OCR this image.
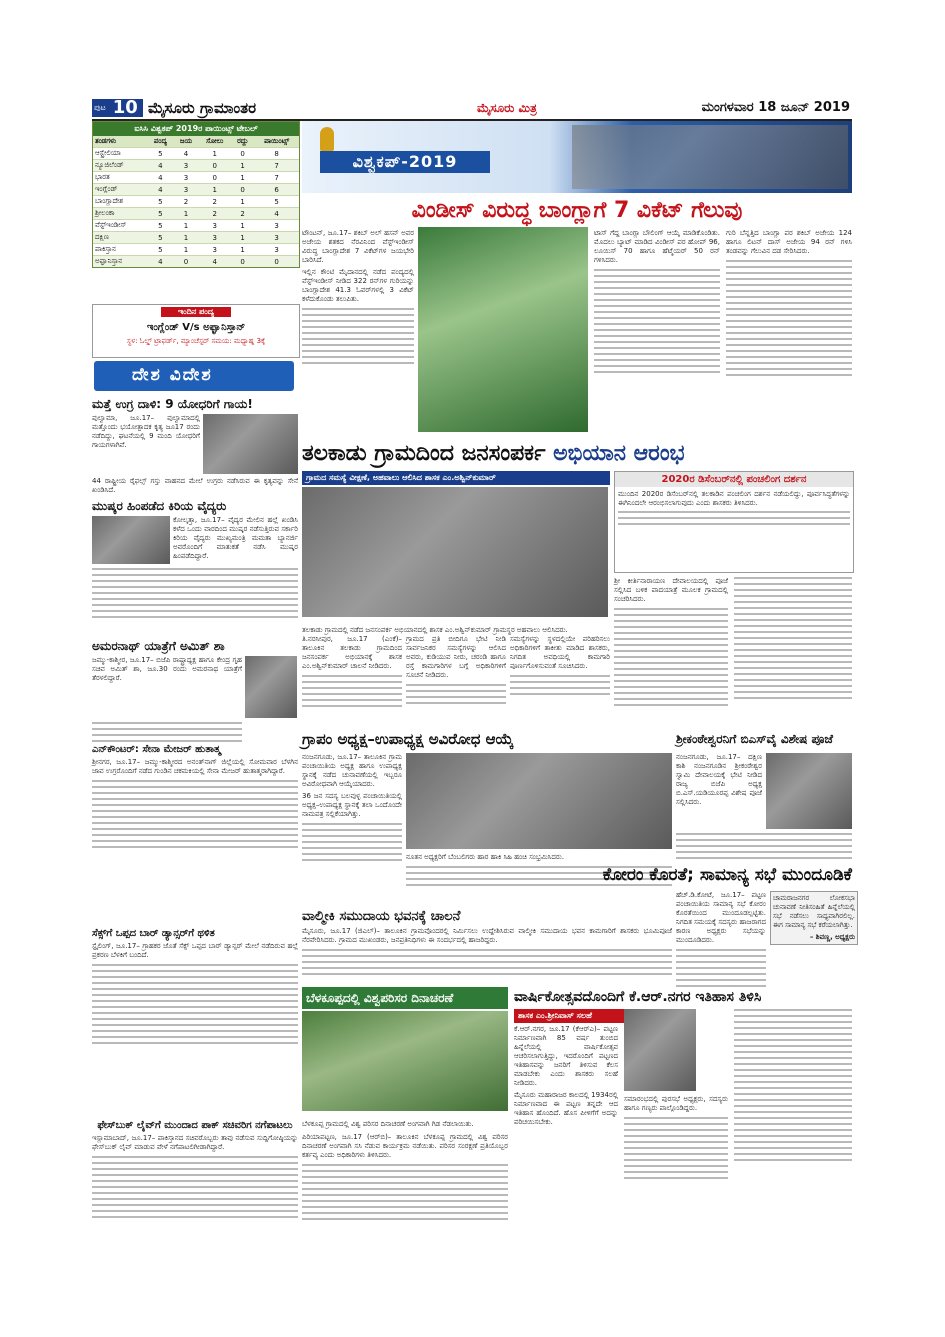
ಪುಟ 10 ಮೈಸೂರು ಗ್ರಾಮಾಂತರ	ಮೈಸೂರು ಮಿತ್ರ	ಮಂಗಳವಾರ 18 ಜೂನ್ 2019
ಐಸಿಸಿ ವಿಶ್ವಕಪ್ 2019ರ ಪಾಯಿಂಟ್ಸ್ ಟೇಬಲ್
ತಂಡಗಳು	ಪಂದ್ಯ	ಜಯ	ಸೋಲು	ರದ್ದು	ಪಾಯಿಂಟ್ಸ್
ಆಸ್ಟ್ರೇಲಿಯಾ	5	4	1	0	8
ನ್ಯೂಜಿಲೆಂಡ್	4	3	0	1	7
ಭಾರತ	4	3	0	1	7
ಇಂಗ್ಲೆಂಡ್	4	3	1	0	6
ಬಾಂಗ್ಲಾದೇಶ	5	2	2	1	5
ಶ್ರೀಲಂಕಾ	5	1	2	2	4
ವೆಸ್ಟ್‌ಇಂಡೀಸ್	5	1	3	1	3
ದಕ್ಷಿಣ	5	1	3	1	3
ಪಾಕಿಸ್ತಾನ	5	1	3	1	3
ಅಫ್ಘಾನಿಸ್ತಾನ	4	0	4	0	0
ಇಂದಿನ ಪಂದ್ಯ
ಇಂಗ್ಲೆಂಡ್ V/s ಅಫ್ಘಾನಿಸ್ತಾನ್
ಸ್ಥಳ: ಓಲ್ಡ್ ಟ್ರಾಫರ್ಡ್, ಮ್ಯಾಂಚೆಸ್ಟರ್ ಸಮಯ: ಮಧ್ಯಾಹ್ನ 3ಕ್ಕೆ
ದೇಶ ವಿದೇಶ

ಮತ್ತೆ ಉಗ್ರ ದಾಳಿ: 9 ಯೋಧರಿಗೆ ಗಾಯ!

ಪುಲ್ವಾಮಾ, ಜೂ.17– ಪುಲ್ವಾಮಾದಲ್ಲಿ ಮತ್ತೊಂದು ಭಯೋತ್ಪಾದಕ ಕೃತ್ಯ ಜೂ17 ರಂದು ನಡೆದಿದ್ದು, ಘಟನೆಯಲ್ಲಿ 9 ಮಂದಿ ಯೋಧರಿಗೆ ಗಾಯಗಳಾಗಿವೆ.

44 ರಾಷ್ಟ್ರೀಯ ರೈಫಲ್ಸ್ ಗಸ್ತು ವಾಹನದ ಮೇಲೆ ಉಗ್ರರು ನಡೆಸಿರುವ ಈ ಕೃತ್ಯವನ್ನು ಸೇನೆ ಖಂಡಿಸಿದೆ.

ಮುಷ್ಕರ ಹಿಂಪಡೆದ ಕಿರಿಯ ವೈದ್ಯರು

ಕೋಲ್ಕತ್ತಾ, ಜೂ.17– ವೈದ್ಯರ ಮೇಲಿನ ಹಲ್ಲೆ ಖಂಡಿಸಿ ಕಳೆದ ಒಂದು ವಾರದಿಂದ ಮುಷ್ಕರ ನಡೆಸುತ್ತಿರುವ ಸರ್ಕಾರಿ ಕಿರಿಯ ವೈದ್ಯರು ಮುಖ್ಯಮಂತ್ರಿ ಮಮತಾ ಬ್ಯಾನರ್ಜಿ ಅವರೊಂದಿಗೆ ಮಾತುಕತೆ ನಡೆಸಿ ಮುಷ್ಕರ ಹಿಂಪಡೆದಿದ್ದಾರೆ.

ಅಮರನಾಥ್ ಯಾತ್ರೆಗೆ ಅಮಿತ್ ಶಾ

ಜಮ್ಮು-ಕಾಶ್ಮೀರ, ಜೂ.17– ಬಿಜೆಪಿ ರಾಷ್ಟ್ರಾಧ್ಯಕ್ಷ ಹಾಗೂ ಕೇಂದ್ರ ಗೃಹ ಸಚಿವ ಅಮಿತ್ ಶಾ, ಜೂ.30 ರಂದು ಅಮರನಾಥ ಯಾತ್ರೆಗೆ ತೆರಳಲಿದ್ದಾರೆ.

ಎನ್‌ಕೌಂಟರ್: ಸೇನಾ ಮೇಜರ್ ಹುತಾತ್ಮ

ಶ್ರೀನಗರ, ಜೂ.17– ಜಮ್ಮು-ಕಾಶ್ಮೀರದ ಅನಂತ್‌ನಾಗ್ ಜಿಲ್ಲೆಯಲ್ಲಿ ಸೋಮವಾರ ಬೆಳಗಿನ ಜಾವ ಉಗ್ರರೊಂದಿಗೆ ನಡೆದ ಗುಂಡಿನ ಚಕಮಕಿಯಲ್ಲಿ ಸೇನಾ ಮೇಜರ್ ಹುತಾತ್ಮರಾಗಿದ್ದಾರೆ.

ಸೆಕ್ಸ್‌ಗೆ ಒಪ್ಪದ ಬಾರ್ ಡ್ಯಾನ್ಸರ್‌ಗೆ ಥಳಿತ

ಸ್ಟೈಲಿಂಗ್, ಜೂ.17– ಗ್ರಾಹಕರ ಜೊತೆ ಸೆಕ್ಸ್ ಒಪ್ಪದ ಬಾರ್ ಡ್ಯಾನ್ಸರ್ ಮೇಲೆ ನಡೆದಿರುವ ಹಲ್ಲೆ ಪ್ರಕರಣ ಬೆಳಕಿಗೆ ಬಂದಿದೆ.

ಫೇಸ್‌ಬುಕ್ ಲೈವ್‌ಗೆ ಮುಂದಾದ ಪಾಕ್ ಸಚಿವರಿಗ ನಗೆಪಾಟಲು

ಇಸ್ಲಾಮಾಬಾದ್, ಜೂ.17– ಪಾಕಿಸ್ತಾನದ ಸಚಿವರೊಬ್ಬರು ತಾವು ನಡೆಸುವ ಸುದ್ದಿಗೋಷ್ಠಿಯನ್ನು ಫೇಸ್‌ಬುಕ್ ಲೈವ್ ಮಾಡುವ ವೇಳೆ ನಗೆಪಾಟಲಿಗೀಡಾಗಿದ್ದಾರೆ.

ವಿಶ್ವಕಪ್-2019
ವಿಂಡೀಸ್ ವಿರುದ್ಧ ಬಾಂಗ್ಲಾಗೆ 7 ವಿಕೆಟ್ ಗೆಲುವು

ಟೌಂಟನ್, ಜೂ.17– ಶಕಿಬ್ ಅಲ್ ಹಸನ್ ಅವರ ಅಜೇಯ ಶತಕದ ನೆರವಿನಿಂದ ವೆಸ್ಟ್‌ಇಂಡೀಸ್ ವಿರುದ್ಧ ಬಾಂಗ್ಲಾದೇಶ 7 ವಿಕೆಟ್‌ಗಳ ಜಯಭೇರಿ ಬಾರಿಸಿದೆ.

ಇಲ್ಲಿನ ಕೌಂಟಿ ಮೈದಾನದಲ್ಲಿ ನಡೆದ ಪಂದ್ಯದಲ್ಲಿ ವೆಸ್ಟ್‌ಇಂಡೀಸ್ ನೀಡಿದ 322 ರನ್‌ಗಳ ಗುರಿಯನ್ನು ಬಾಂಗ್ಲಾದೇಶ 41.3 ಓವರ್‌ಗಳಲ್ಲಿ 3 ವಿಕೆಟ್ ಕಳೆದುಕೊಂಡು ತಲುಪಿತು.

ಟಾಸ್ ಗೆದ್ದ ಬಾಂಗ್ಲಾ ಬೌಲಿಂಗ್ ಆಯ್ಕೆ ಮಾಡಿಕೊಂಡಿತು. ಮೊದಲು ಬ್ಯಾಟ್ ಮಾಡಿದ ವಿಂಡೀಸ್ ಪರ ಹೋಪ್ 96, ಲೂಯಿಸ್ 70 ಹಾಗೂ ಹೆಟ್ಮೆಯರ್ 50 ರನ್ ಗಳಿಸಿದರು.

ಗುರಿ ಬೆನ್ನತ್ತಿದ ಬಾಂಗ್ಲಾ ಪರ ಶಕಿಬ್ ಅಜೇಯ 124 ಹಾಗೂ ಲಿಟನ್ ದಾಸ್ ಅಜೇಯ 94 ರನ್ ಗಳಿಸಿ ತಂಡವನ್ನು ಗೆಲುವಿನ ದಡ ಸೇರಿಸಿದರು.

ತಲಕಾಡು ಗ್ರಾಮದಿಂದ ಜನಸಂಪರ್ಕ ಅಭಿಯಾನ ಆರಂಭ
ಗ್ರಾಮದ ಸಮಸ್ಯೆ ವೀಕ್ಷಣೆ, ಅಹವಾಲು ಆಲಿಸಿದ ಶಾಸಕ ಎಂ.ಅಶ್ವಿನ್‌ಕುಮಾರ್

ತಲಕಾಡು ಗ್ರಾಮದಲ್ಲಿ ನಡೆದ ಜನಸಂಪರ್ಕ ಅಭಿಯಾನದಲ್ಲಿ ಶಾಸಕ ಎಂ.ಅಶ್ವಿನ್‌ಕುಮಾರ್ ಗ್ರಾಮಸ್ಥರ ಅಹವಾಲು ಆಲಿಸಿದರು.

2020ರ ಡಿಸೆಂಬರ್‌ನಲ್ಲಿ ಪಂಚಲಿಂಗ ದರ್ಶನ

ಮುಂದಿನ 2020ರ ಡಿಸೆಂಬರ್‌ನಲ್ಲಿ ತಲಕಾಡಿನ ಪಂಚಲಿಂಗ ದರ್ಶನ ನಡೆಯಲಿದ್ದು, ಪೂರ್ವಸಿದ್ಧತೆಗಳನ್ನು ಈಗಿನಿಂದಲೇ ಆರಂಭಿಸಲಾಗುವುದು ಎಂದು ಶಾಸಕರು ತಿಳಿಸಿದರು.

ತಿ.ನರಸೀಪುರ, ಜೂ.17 (ಎಂಕೆ)– ತಾಲೂಕಿನ ತಲಕಾಡು ಗ್ರಾಮದಿಂದ ಜನಸಂಪರ್ಕ ಅಭಿಯಾನಕ್ಕೆ ಶಾಸಕ ಎಂ.ಅಶ್ವಿನ್‌ಕುಮಾರ್ ಚಾಲನೆ ನೀಡಿದರು.

ಗ್ರಾಮದ ಪ್ರತಿ ಬೀದಿಗೂ ಭೇಟಿ ನೀಡಿ ಸಾರ್ವಜನಿಕರ ಸಮಸ್ಯೆಗಳನ್ನು ಆಲಿಸಿದ ಅವರು, ಕುಡಿಯುವ ನೀರು, ಚರಂಡಿ ಹಾಗೂ ರಸ್ತೆ ಕಾಮಗಾರಿಗಳ ಬಗ್ಗೆ ಅಧಿಕಾರಿಗಳಿಗೆ ಸೂಚನೆ ನೀಡಿದರು.

ಸಮಸ್ಯೆಗಳನ್ನು ಸ್ಥಳದಲ್ಲಿಯೇ ಪರಿಹರಿಸಲು ಅಧಿಕಾರಿಗಳಿಗೆ ತಾಕೀತು ಮಾಡಿದ ಶಾಸಕರು, ನಿಗದಿತ ಅವಧಿಯಲ್ಲಿ ಕಾಮಗಾರಿ ಪೂರ್ಣಗೊಳಿಸುವಂತೆ ಸೂಚಿಸಿದರು.

ಶ್ರೀ ಕೀರ್ತಿನಾರಾಯಣ ದೇವಾಲಯದಲ್ಲಿ ಪೂಜೆ ಸಲ್ಲಿಸಿದ ಬಳಿಕ ಪಾದಯಾತ್ರೆ ಮೂಲಕ ಗ್ರಾಮದಲ್ಲಿ ಸಂಚರಿಸಿದರು.

ಗ್ರಾಪಂ ಅಧ್ಯಕ್ಷ–ಉಪಾಧ್ಯಕ್ಷ ಅವಿರೋಧ ಆಯ್ಕೆ

ನಂಜನಗೂಡು, ಜೂ.17– ತಾಲೂಕಿನ ಗ್ರಾಮ ಪಂಚಾಯಿತಿಯ ಅಧ್ಯಕ್ಷ ಹಾಗೂ ಉಪಾಧ್ಯಕ್ಷ ಸ್ಥಾನಕ್ಕೆ ನಡೆದ ಚುನಾವಣೆಯಲ್ಲಿ ಇಬ್ಬರೂ ಅವಿರೋಧವಾಗಿ ಆಯ್ಕೆಯಾದರು.

36 ಜನ ಸದಸ್ಯ ಬಲವುಳ್ಳ ಪಂಚಾಯಿತಿಯಲ್ಲಿ ಅಧ್ಯಕ್ಷ–ಉಪಾಧ್ಯಕ್ಷ ಸ್ಥಾನಕ್ಕೆ ತಲಾ ಒಂದೊಂದೇ ನಾಮಪತ್ರ ಸಲ್ಲಿಕೆಯಾಗಿತ್ತು.

ನೂತನ ಅಧ್ಯಕ್ಷರಿಗೆ ಬೆಂಬಲಿಗರು ಹಾರ ಹಾಕಿ ಸಿಹಿ ಹಂಚಿ ಸಂಭ್ರಮಿಸಿದರು.

ಶ್ರೀಕಂಠೇಶ್ವರನಿಗೆ ಬಿಎಸ್‌ವೈ ವಿಶೇಷ ಪೂಜೆ

ನಂಜನಗೂಡು, ಜೂ.17– ದಕ್ಷಿಣ ಕಾಶಿ ನಂಜನಗೂಡಿನ ಶ್ರೀಕಂಠೇಶ್ವರ ಸ್ವಾಮಿ ದೇವಾಲಯಕ್ಕೆ ಭೇಟಿ ನೀಡಿದ ರಾಜ್ಯ ಬಿಜೆಪಿ ಅಧ್ಯಕ್ಷ ಬಿ.ಎಸ್.ಯಡಿಯೂರಪ್ಪ ವಿಶೇಷ ಪೂಜೆ ಸಲ್ಲಿಸಿದರು.

ವಾಲ್ಮೀಕಿ ಸಮುದಾಯ ಭವನಕ್ಕೆ ಚಾಲನೆ

ಮೈಸೂರು, ಜೂ.17 (ಜಿಎಲ್)– ತಾಲೂಕಿನ ಗ್ರಾಮವೊಂದರಲ್ಲಿ ನಿರ್ಮಿಸಲು ಉದ್ದೇಶಿಸಿರುವ ವಾಲ್ಮೀಕಿ ಸಮುದಾಯ ಭವನ ಕಾಮಗಾರಿಗೆ ಶಾಸಕರು ಭೂಮಿಪೂಜೆ ನೆರವೇರಿಸಿದರು. ಗ್ರಾಮದ ಮುಖಂಡರು, ಜನಪ್ರತಿನಿಧಿಗಳು ಈ ಸಂದರ್ಭದಲ್ಲಿ ಹಾಜರಿದ್ದರು.

ಕೋರಂ ಕೊರತೆ; ಸಾಮಾನ್ಯ ಸಭೆ ಮುಂದೂಡಿಕೆ

ಹೆಚ್.ಡಿ.ಕೋಟೆ, ಜೂ.17– ಪಟ್ಟಣ ಪಂಚಾಯಿತಿಯ ಸಾಮಾನ್ಯ ಸಭೆ ಕೋರಂ ಕೊರತೆಯಿಂದ ಮುಂದೂಡಲ್ಪಟ್ಟಿತು. ನಿಗದಿತ ಸಮಯಕ್ಕೆ ಸದಸ್ಯರು ಹಾಜರಾಗದ ಕಾರಣ ಅಧ್ಯಕ್ಷರು ಸಭೆಯನ್ನು ಮುಂದೂಡಿದರು.

ಚಾಮರಾಜನಗರ ಲೋಕಸಭಾ ಚುನಾವಣೆ ನೀತಿಸಂಹಿತೆ ಹಿನ್ನೆಲೆಯಲ್ಲಿ ಸಭೆ ನಡೆಸಲು ಸಾಧ್ಯವಾಗಿರಲಿಲ್ಲ. ಈಗ ಸಾಮಾನ್ಯ ಸಭೆ ಕರೆಯಲಾಗಿತ್ತು.

– ಶಿವಣ್ಣ, ಅಧ್ಯಕ್ಷರು

ಬೆಳಕೂಪ್ಪದಲ್ಲಿ ವಿಶ್ವಪರಿಸರ ದಿನಾಚರಣೆ

ಬೆಳಕೂಪ್ಪ ಗ್ರಾಮದಲ್ಲಿ ವಿಶ್ವ ಪರಿಸರ ದಿನಾಚರಣೆ ಅಂಗವಾಗಿ ಗಿಡ ನೆಡಲಾಯಿತು.

ಪಿರಿಯಾಪಟ್ಟಣ, ಜೂ.17 (ಆರ್‌ಬಿ)– ತಾಲೂಕಿನ ಬೆಳಕೂಪ್ಪ ಗ್ರಾಮದಲ್ಲಿ ವಿಶ್ವ ಪರಿಸರ ದಿನಾಚರಣೆ ಅಂಗವಾಗಿ ಸಸಿ ನೆಡುವ ಕಾರ್ಯಕ್ರಮ ನಡೆಯಿತು. ಪರಿಸರ ಸಂರಕ್ಷಣೆ ಪ್ರತಿಯೊಬ್ಬರ ಕರ್ತವ್ಯ ಎಂದು ಅಧಿಕಾರಿಗಳು ತಿಳಿಸಿದರು.

ವಾರ್ಷಿಕೋತ್ಸವದೊಂದಿಗೆ ಕೆ.ಆರ್.ನಗರ ಇತಿಹಾಸ ತಿಳಿಸಿ
ಶಾಸಕ ಎಂ.ಶ್ರೀನಿವಾಸ್ ಸಲಹೆ

ಕೆ.ಆರ್.ನಗರ, ಜೂ.17 (ಕೆಆರ್‌ಎ)– ಪಟ್ಟಣ ನಿರ್ಮಾಣವಾಗಿ 85 ವರ್ಷ ತುಂಬಿದ ಹಿನ್ನೆಲೆಯಲ್ಲಿ ವಾರ್ಷಿಕೋತ್ಸವ ಆಚರಿಸಲಾಗುತ್ತಿದ್ದು, ಇದರೊಂದಿಗೆ ಪಟ್ಟಣದ ಇತಿಹಾಸವನ್ನು ಜನರಿಗೆ ತಿಳಿಸುವ ಕೆಲಸ ಮಾಡಬೇಕು ಎಂದು ಶಾಸಕರು ಸಲಹೆ ನೀಡಿದರು.

ಮೈಸೂರು ಮಹಾರಾಜರ ಕಾಲದಲ್ಲಿ 1934ರಲ್ಲಿ ನಿರ್ಮಾಣವಾದ ಈ ಪಟ್ಟಣ ತನ್ನದೇ ಆದ ಇತಿಹಾಸ ಹೊಂದಿದೆ. ಹೊಸ ಪೀಳಿಗೆಗೆ ಅದನ್ನು ಪರಿಚಯಿಸಬೇಕು.

ಸಮಾರಂಭದಲ್ಲಿ ಪುರಸಭೆ ಅಧ್ಯಕ್ಷರು, ಸದಸ್ಯರು ಹಾಗೂ ಗಣ್ಯರು ಪಾಲ್ಗೊಂಡಿದ್ದರು.
